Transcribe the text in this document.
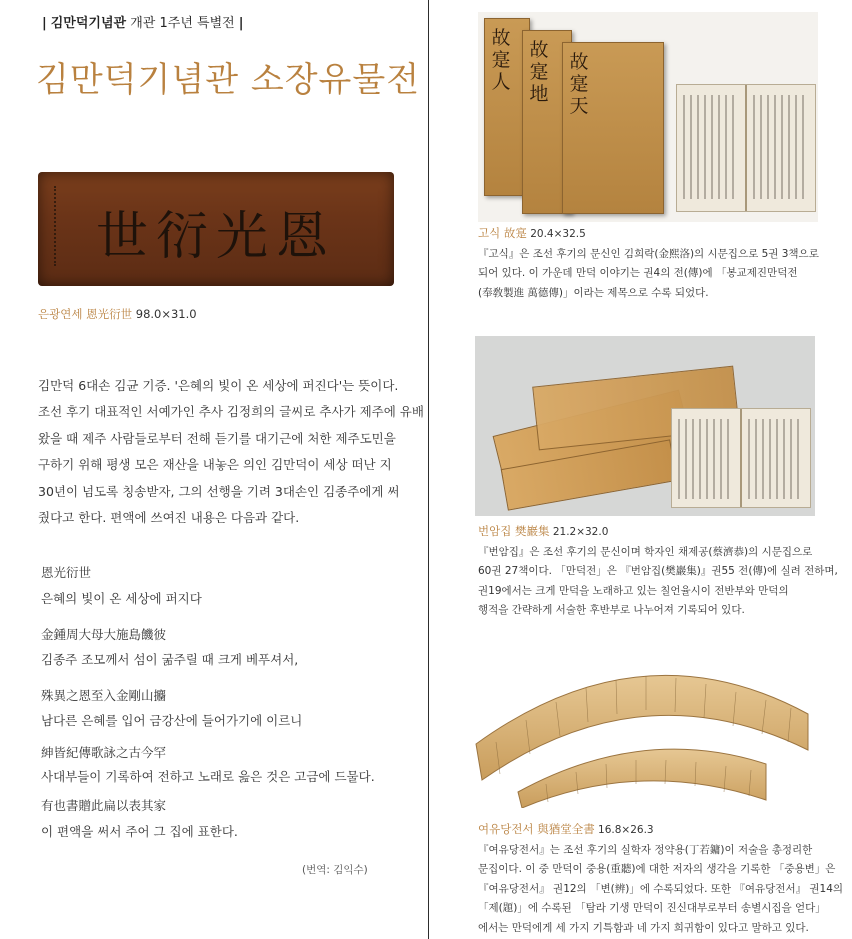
| 김만덕기념관 개관 1주년 특별전 |
김만덕기념관 소장유물전
世衍光恩
은광연세 恩光衍世 98.0×31.0
김만덕 6대손 김균 기증. '은혜의 빛이 온 세상에 퍼진다'는 뜻이다.
조선 후기 대표적인 서예가인 추사 김정희의 글씨로 추사가 제주에 유배
왔을 때 제주 사람들로부터 전해 듣기를 대기근에 처한 제주도민을
구하기 위해 평생 모은 재산을 내놓은 의인 김만덕이 세상 떠난 지
30년이 넘도록 칭송받자, 그의 선행을 기려 3대손인 김종주에게 써
줬다고 한다. 편액에 쓰여진 내용은 다음과 같다.
恩光衍世
은혜의 빛이 온 세상에 퍼지다
金鍾周大母大施島饑彼
김종주 조모께서 섬이 굶주릴 때 크게 베푸셔서,
殊異之恩至入金剛山攟
남다른 은혜를 입어 금강산에 들어가기에 이르니
紳皆紀傳歌詠之古今罕
사대부들이 기록하여 전하고 노래로 읊은 것은 고금에 드물다.
有也書贈此扁以表其家
이 편액을 써서 주어 그 집에 표한다.
(번역: 김익수)
故寔人
故寔地
故寔天
고식 故寔 20.4×32.5
『고식』은 조선 후기의 문신인 김희락(金熙洛)의 시문집으로 5권 3책으로
되어 있다. 이 가운데 만덕 이야기는 권4의 전(傳)에 「봉교제진만덕전
(奉敎製進 萬德傳)」이라는 제목으로 수록 되었다.
번암집 樊巖集 21.2×32.0
『번암집』은 조선 후기의 문신이며 학자인 채제공(蔡濟恭)의 시문집으로
60권 27책이다. 「만덕전」은 『번암집(樊巖集)』권55 전(傳)에 실려 전하며,
권19에서는 크게 만덕을 노래하고 있는 칠언율시이 전반부와 만덕의
행적을 간략하게 서술한 후반부로 나누어져 기록되어 있다.
여유당전서 與猶堂全書 16.8×26.3
『여유당전서』는 조선 후기의 실학자 정약용(丁若鏞)이 저술을 총정리한
문집이다. 이 중 만덕이 중용(重聽)에 대한 저자의 생각을 기록한 「중용변」은
『여유당전서』 권12의 「변(辨)」에 수록되었다. 또한 『여유당전서』 권14의
「제(題)」에 수록된 「탐라 기생 만덕이 진신대부로부터 송별시집을 얻다」
에서는 만덕에게 세 가지 기특함과 네 가지 희귀함이 있다고 말하고 있다.
